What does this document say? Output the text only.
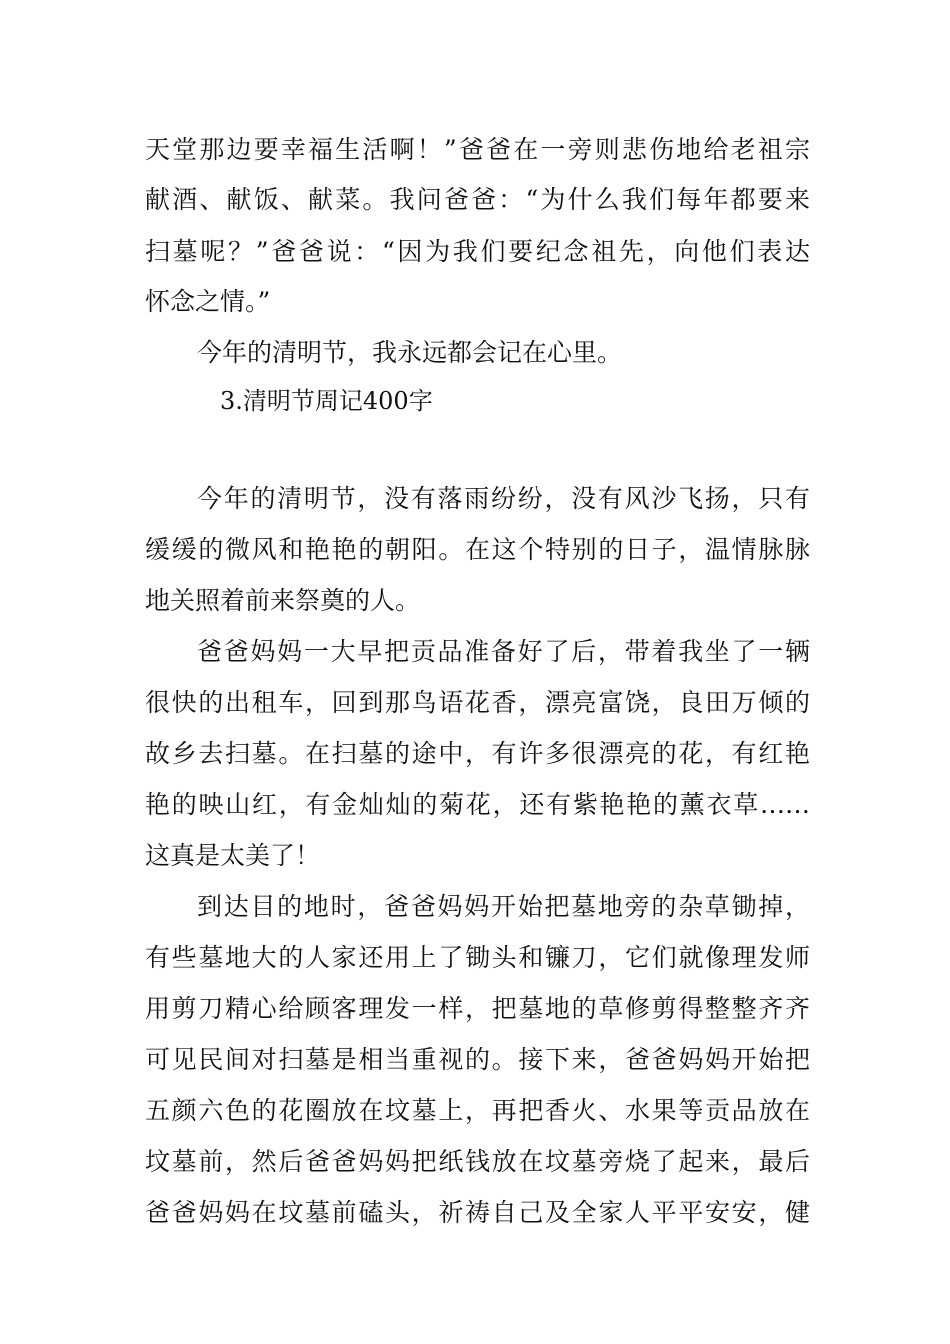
天堂那边要幸福生活啊！”爸爸在一旁则悲伤地给老祖宗
献酒、献饭、献菜。我问爸爸：“为什么我们每年都要来
扫墓呢？”爸爸说：“因为我们要纪念祖先，向他们表达
怀念之情。”
今年的清明节，我永远都会记在心里。
3.清明节周记400字
今年的清明节，没有落雨纷纷，没有风沙飞扬，只有
缓缓的微风和艳艳的朝阳。在这个特别的日子，温情脉脉
地关照着前来祭奠的人。
爸爸妈妈一大早把贡品准备好了后，带着我坐了一辆
很快的出租车，回到那鸟语花香，漂亮富饶，良田万倾的
故乡去扫墓。在扫墓的途中，有许多很漂亮的花，有红艳
艳的映山红，有金灿灿的菊花，还有紫艳艳的薰衣草……
这真是太美了！
到达目的地时，爸爸妈妈开始把墓地旁的杂草锄掉，
有些墓地大的人家还用上了锄头和镰刀，它们就像理发师
用剪刀精心给顾客理发一样，把墓地的草修剪得整整齐齐
可见民间对扫墓是相当重视的。接下来，爸爸妈妈开始把
五颜六色的花圈放在坟墓上，再把香火、水果等贡品放在
坟墓前，然后爸爸妈妈把纸钱放在坟墓旁烧了起来，最后
爸爸妈妈在坟墓前磕头，祈祷自己及全家人平平安安，健
